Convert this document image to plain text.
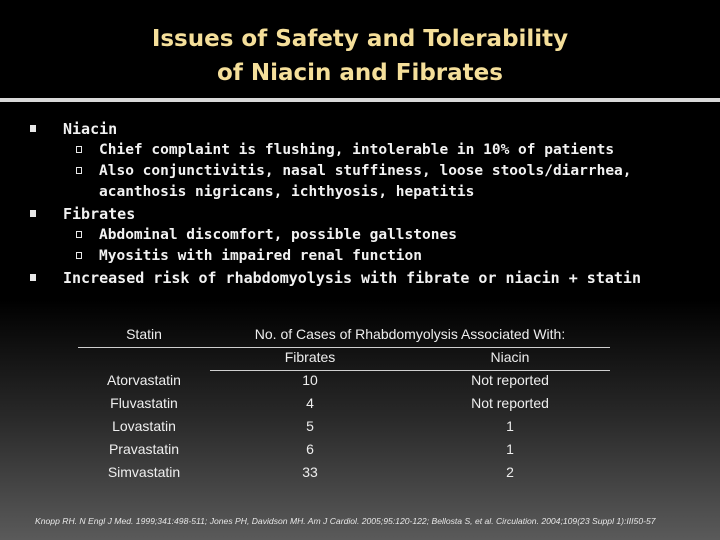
Issues of Safety and Tolerability
of Niacin and Fibrates
Niacin
Chief complaint is flushing, intolerable in 10% of patients
Also conjunctivitis, nasal stuffiness, loose stools/diarrhea,
acanthosis nigricans, ichthyosis, hepatitis
Fibrates
Abdominal discomfort, possible gallstones
Myositis with impaired renal function
Increased risk of rhabdomyolysis with fibrate or niacin + statin
Statin	No. of Cases of Rhabdomyolysis Associated With:	
	Fibrates	Niacin
Atorvastatin	10	Not reported
Fluvastatin	4	Not reported
Lovastatin	5	1
Pravastatin	6	1
Simvastatin	33	2
Knopp RH. N Engl J Med. 1999;341:498-511; Jones PH, Davidson MH. Am J Cardiol. 2005;95:120-122; Bellosta S, et al. Circulation. 2004;109(23 Suppl 1):III50-57
